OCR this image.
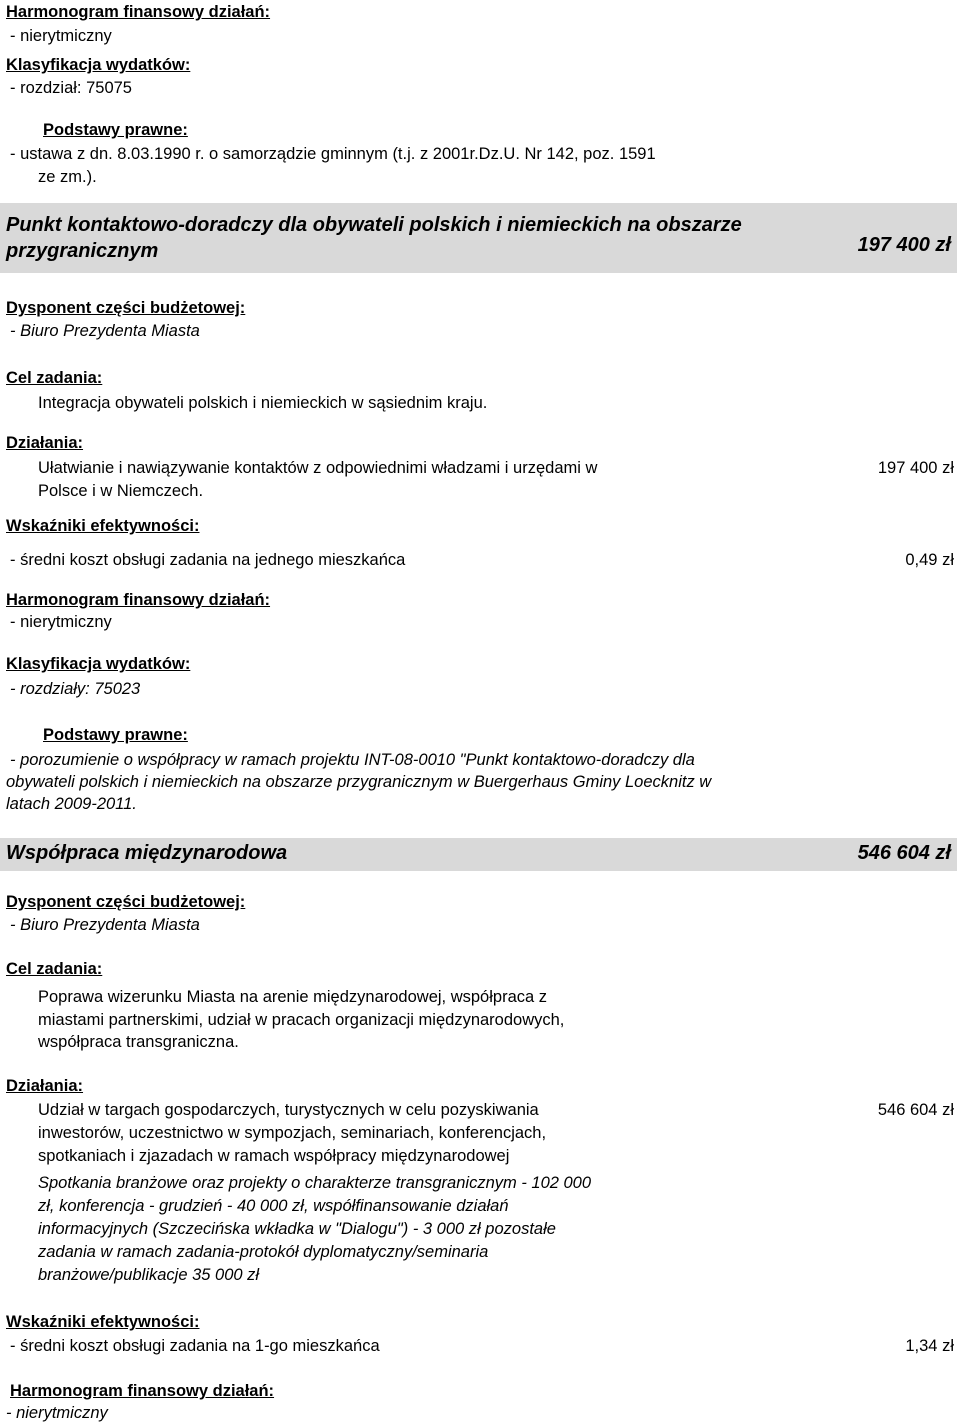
Harmonogram finansowy działań:
- nierytmiczny
Klasyfikacja wydatków:
- rozdział: 75075
Podstawy prawne:
- ustawa z dn. 8.03.1990 r. o samorządzie gminnym (t.j. z 2001r.Dz.U. Nr 142, poz. 1591
ze zm.).
Punkt kontaktowo-doradczy dla obywateli polskich i niemieckich na obszarze
przygranicznym	197 400 zł
Dysponent części budżetowej:
- Biuro Prezydenta Miasta
Cel zadania:
Integracja obywateli polskich i niemieckich w sąsiednim kraju.
Działania:
Ułatwianie i nawiązywanie kontaktów z odpowiednimi władzami i urzędami w
Polsce i w Niemczech.
197 400 zł
Wskaźniki efektywności:
- średni koszt obsługi zadania na jednego mieszkańca	0,49 zł
Harmonogram finansowy działań:
- nierytmiczny
Klasyfikacja wydatków:
- rozdziały: 75023
Podstawy prawne:
- porozumienie o współpracy w ramach projektu INT-08-0010 "Punkt kontaktowo-doradczy dla
obywateli polskich i niemieckich na obszarze przygranicznym w Buergerhaus Gminy Loecknitz w
latach 2009-2011.
Współpraca międzynarodowa	546 604 zł
Dysponent części budżetowej:
- Biuro Prezydenta Miasta
Cel zadania:
Poprawa wizerunku Miasta na arenie międzynarodowej, współpraca z
miastami partnerskimi, udział w pracach organizacji międzynarodowych,
współpraca transgraniczna.
Działania:
Udział w targach gospodarczych, turystycznych w celu pozyskiwania
inwestorów, uczestnictwo w sympozjach, seminariach, konferencjach,
spotkaniach i zjazadach w ramach współpracy międzynarodowej
546 604 zł
Spotkania branżowe oraz projekty o charakterze transgranicznym - 102 000
zł, konferencja - grudzień - 40 000 zł, współfinansowanie działań
informacyjnych (Szczecińska wkładka w "Dialogu") - 3 000 zł pozostałe
zadania w ramach zadania-protokół dyplomatyczny/seminaria
branżowe/publikacje 35 000 zł
Wskaźniki efektywności:
- średni koszt obsługi zadania na 1-go mieszkańca	1,34 zł
Harmonogram finansowy działań:
- nierytmiczny
